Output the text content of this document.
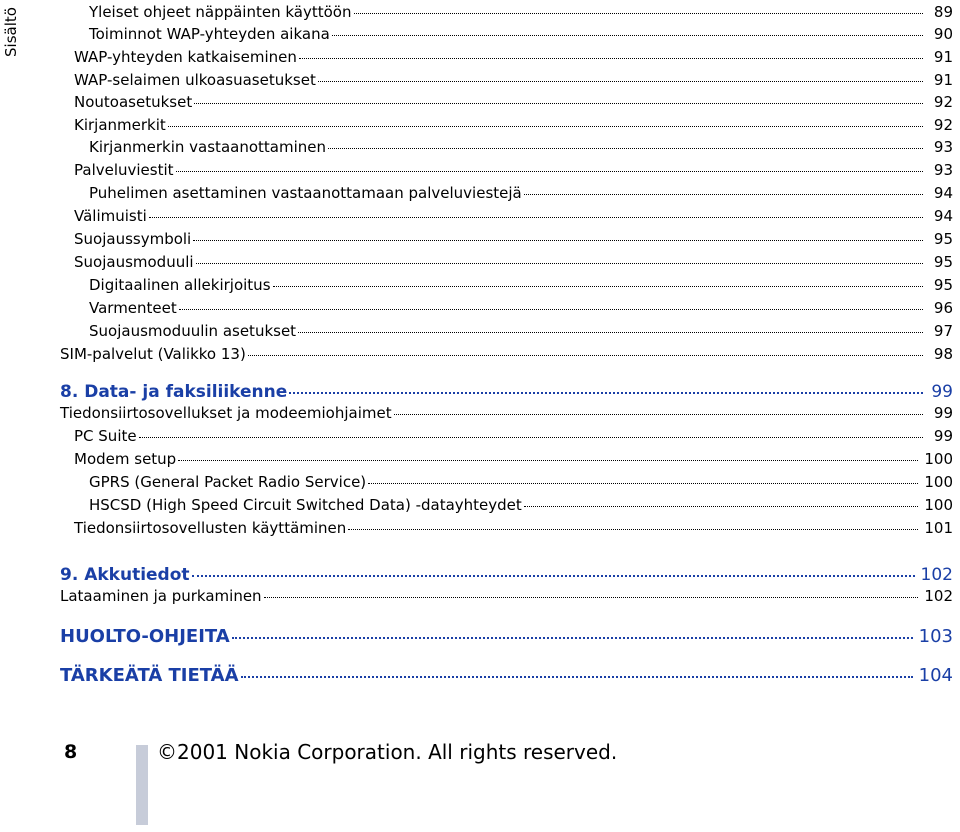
Sisältö	Yleiset ohjeet näppäinten käyttöön	89
Toiminnot WAP-yhteyden aikana	90
WAP-yhteyden katkaiseminen	91
WAP-selaimen ulkoasuasetukset	91
Noutoasetukset	92
Kirjanmerkit	92
Kirjanmerkin vastaanottaminen	93
Palveluviestit	93
Puhelimen asettaminen vastaanottamaan palveluviestejä	94
Välimuisti	94
Suojaussymboli	95
Suojausmoduuli	95
Digitaalinen allekirjoitus	95
Varmenteet	96
Suojausmoduulin asetukset	97
SIM-palvelut (Valikko 13)	98
8. Data- ja faksiliikenne	99
Tiedonsiirtosovellukset ja modeemiohjaimet	99
PC Suite	99
Modem setup	100
GPRS (General Packet Radio Service)	100
HSCSD (High Speed Circuit Switched Data) -datayhteydet	100
Tiedonsiirtosovellusten käyttäminen	101
9. Akkutiedot	102
Lataaminen ja purkaminen	102
HUOLTO-OHJEITA	103
TÄRKEÄTÄ TIETÄÄ	104
8	©2001 Nokia Corporation. All rights reserved.
